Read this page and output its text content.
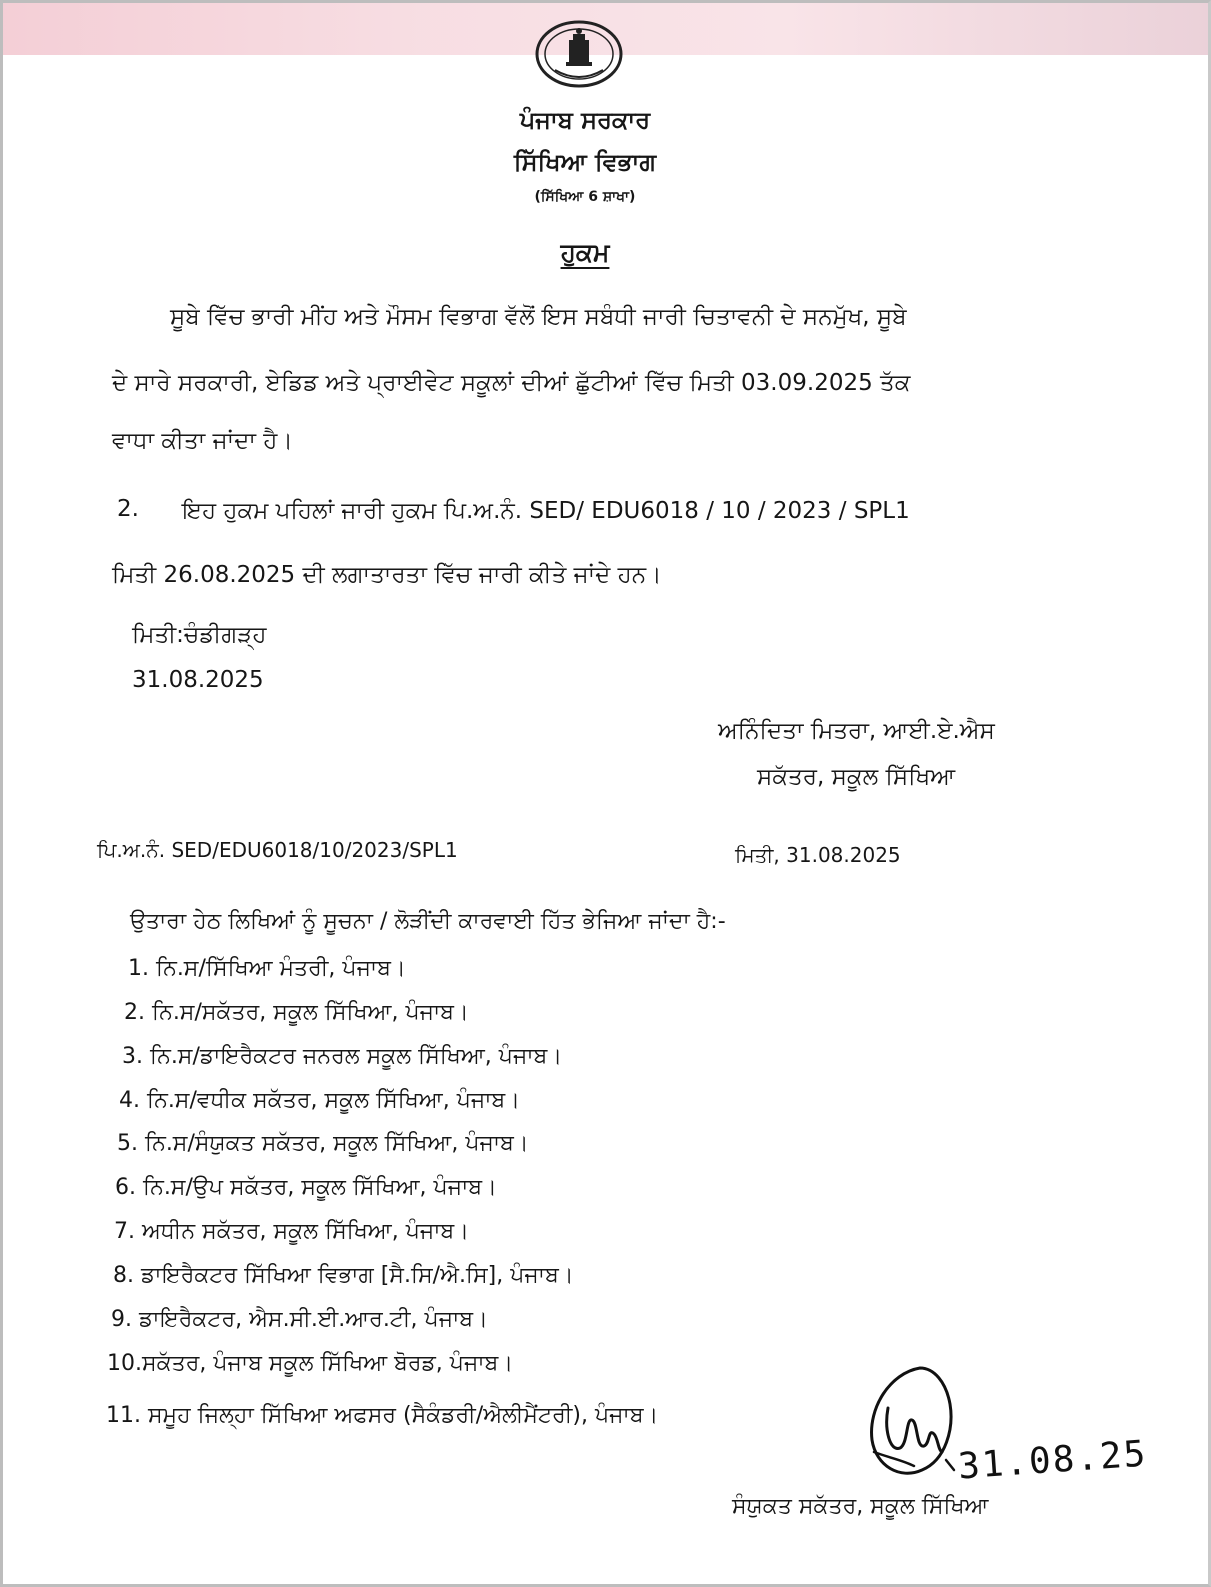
ਪੰਜਾਬ ਸਰਕਾਰ
ਸਿੱਖਿਆ ਵਿਭਾਗ
(ਸਿੱਖਿਆ 6 ਸ਼ਾਖਾ)
ਹੁਕਮ
ਸੂਬੇ ਵਿੱਚ ਭਾਰੀ ਮੀਂਹ ਅਤੇ ਮੌਸਮ ਵਿਭਾਗ ਵੱਲੋਂ ਇਸ ਸਬੰਧੀ ਜਾਰੀ ਚਿਤਾਵਨੀ ਦੇ ਸਨਮੁੱਖ, ਸੂਬੇ
ਦੇ ਸਾਰੇ ਸਰਕਾਰੀ, ਏਡਿਡ ਅਤੇ ਪ੍ਰਾਈਵੇਟ ਸਕੂਲਾਂ ਦੀਆਂ ਛੁੱਟੀਆਂ ਵਿੱਚ ਮਿਤੀ 03.09.2025 ਤੱਕ
ਵਾਧਾ ਕੀਤਾ ਜਾਂਦਾ ਹੈ।
2. ਇਹ ਹੁਕਮ ਪਹਿਲਾਂ ਜਾਰੀ ਹੁਕਮ ਪਿ.ਅ.ਨੰ. SED/ EDU6018 / 10 / 2023 / SPL1
ਮਿਤੀ 26.08.2025 ਦੀ ਲਗਾਤਾਰਤਾ ਵਿੱਚ ਜਾਰੀ ਕੀਤੇ ਜਾਂਦੇ ਹਨ।
ਮਿਤੀ:ਚੰਡੀਗੜ੍ਹ
31.08.2025
ਅਨਿੰਦਿਤਾ ਮਿਤਰਾ, ਆਈ.ਏ.ਐਸ
ਸਕੱਤਰ, ਸਕੂਲ ਸਿੱਖਿਆ
ਪਿ.ਅ.ਨੰ. SED/EDU6018/10/2023/SPL1	ਮਿਤੀ, 31.08.2025
ਉਤਾਰਾ ਹੇਠ ਲਿਖਿਆਂ ਨੂੰ ਸੂਚਨਾ / ਲੋੜੀਂਦੀ ਕਾਰਵਾਈ ਹਿੱਤ ਭੇਜਿਆ ਜਾਂਦਾ ਹੈ:-
1. ਨਿ.ਸ/ਸਿੱਖਿਆ ਮੰਤਰੀ, ਪੰਜਾਬ।
2. ਨਿ.ਸ/ਸਕੱਤਰ, ਸਕੂਲ ਸਿੱਖਿਆ, ਪੰਜਾਬ।
3. ਨਿ.ਸ/ਡਾਇਰੈਕਟਰ ਜਨਰਲ ਸਕੂਲ ਸਿੱਖਿਆ, ਪੰਜਾਬ।
4. ਨਿ.ਸ/ਵਧੀਕ ਸਕੱਤਰ, ਸਕੂਲ ਸਿੱਖਿਆ, ਪੰਜਾਬ।
5. ਨਿ.ਸ/ਸੰਯੁਕਤ ਸਕੱਤਰ, ਸਕੂਲ ਸਿੱਖਿਆ, ਪੰਜਾਬ।
6. ਨਿ.ਸ/ਉਪ ਸਕੱਤਰ, ਸਕੂਲ ਸਿੱਖਿਆ, ਪੰਜਾਬ।
7. ਅਧੀਨ ਸਕੱਤਰ, ਸਕੂਲ ਸਿੱਖਿਆ, ਪੰਜਾਬ।
8. ਡਾਇਰੈਕਟਰ ਸਿੱਖਿਆ ਵਿਭਾਗ [ਸੈ.ਸਿ/ਐ.ਸਿ], ਪੰਜਾਬ।
9. ਡਾਇਰੈਕਟਰ, ਐਸ.ਸੀ.ਈ.ਆਰ.ਟੀ, ਪੰਜਾਬ।
10.ਸਕੱਤਰ, ਪੰਜਾਬ ਸਕੂਲ ਸਿੱਖਿਆ ਬੋਰਡ, ਪੰਜਾਬ।
11. ਸਮੂਹ ਜਿਲ੍ਹਾ ਸਿੱਖਿਆ ਅਫਸਰ (ਸੈਕੰਡਰੀ/ਐਲੀਮੈਂਟਰੀ), ਪੰਜਾਬ।
31.08.25
ਸੰਯੁਕਤ ਸਕੱਤਰ, ਸਕੂਲ ਸਿੱਖਿਆ
